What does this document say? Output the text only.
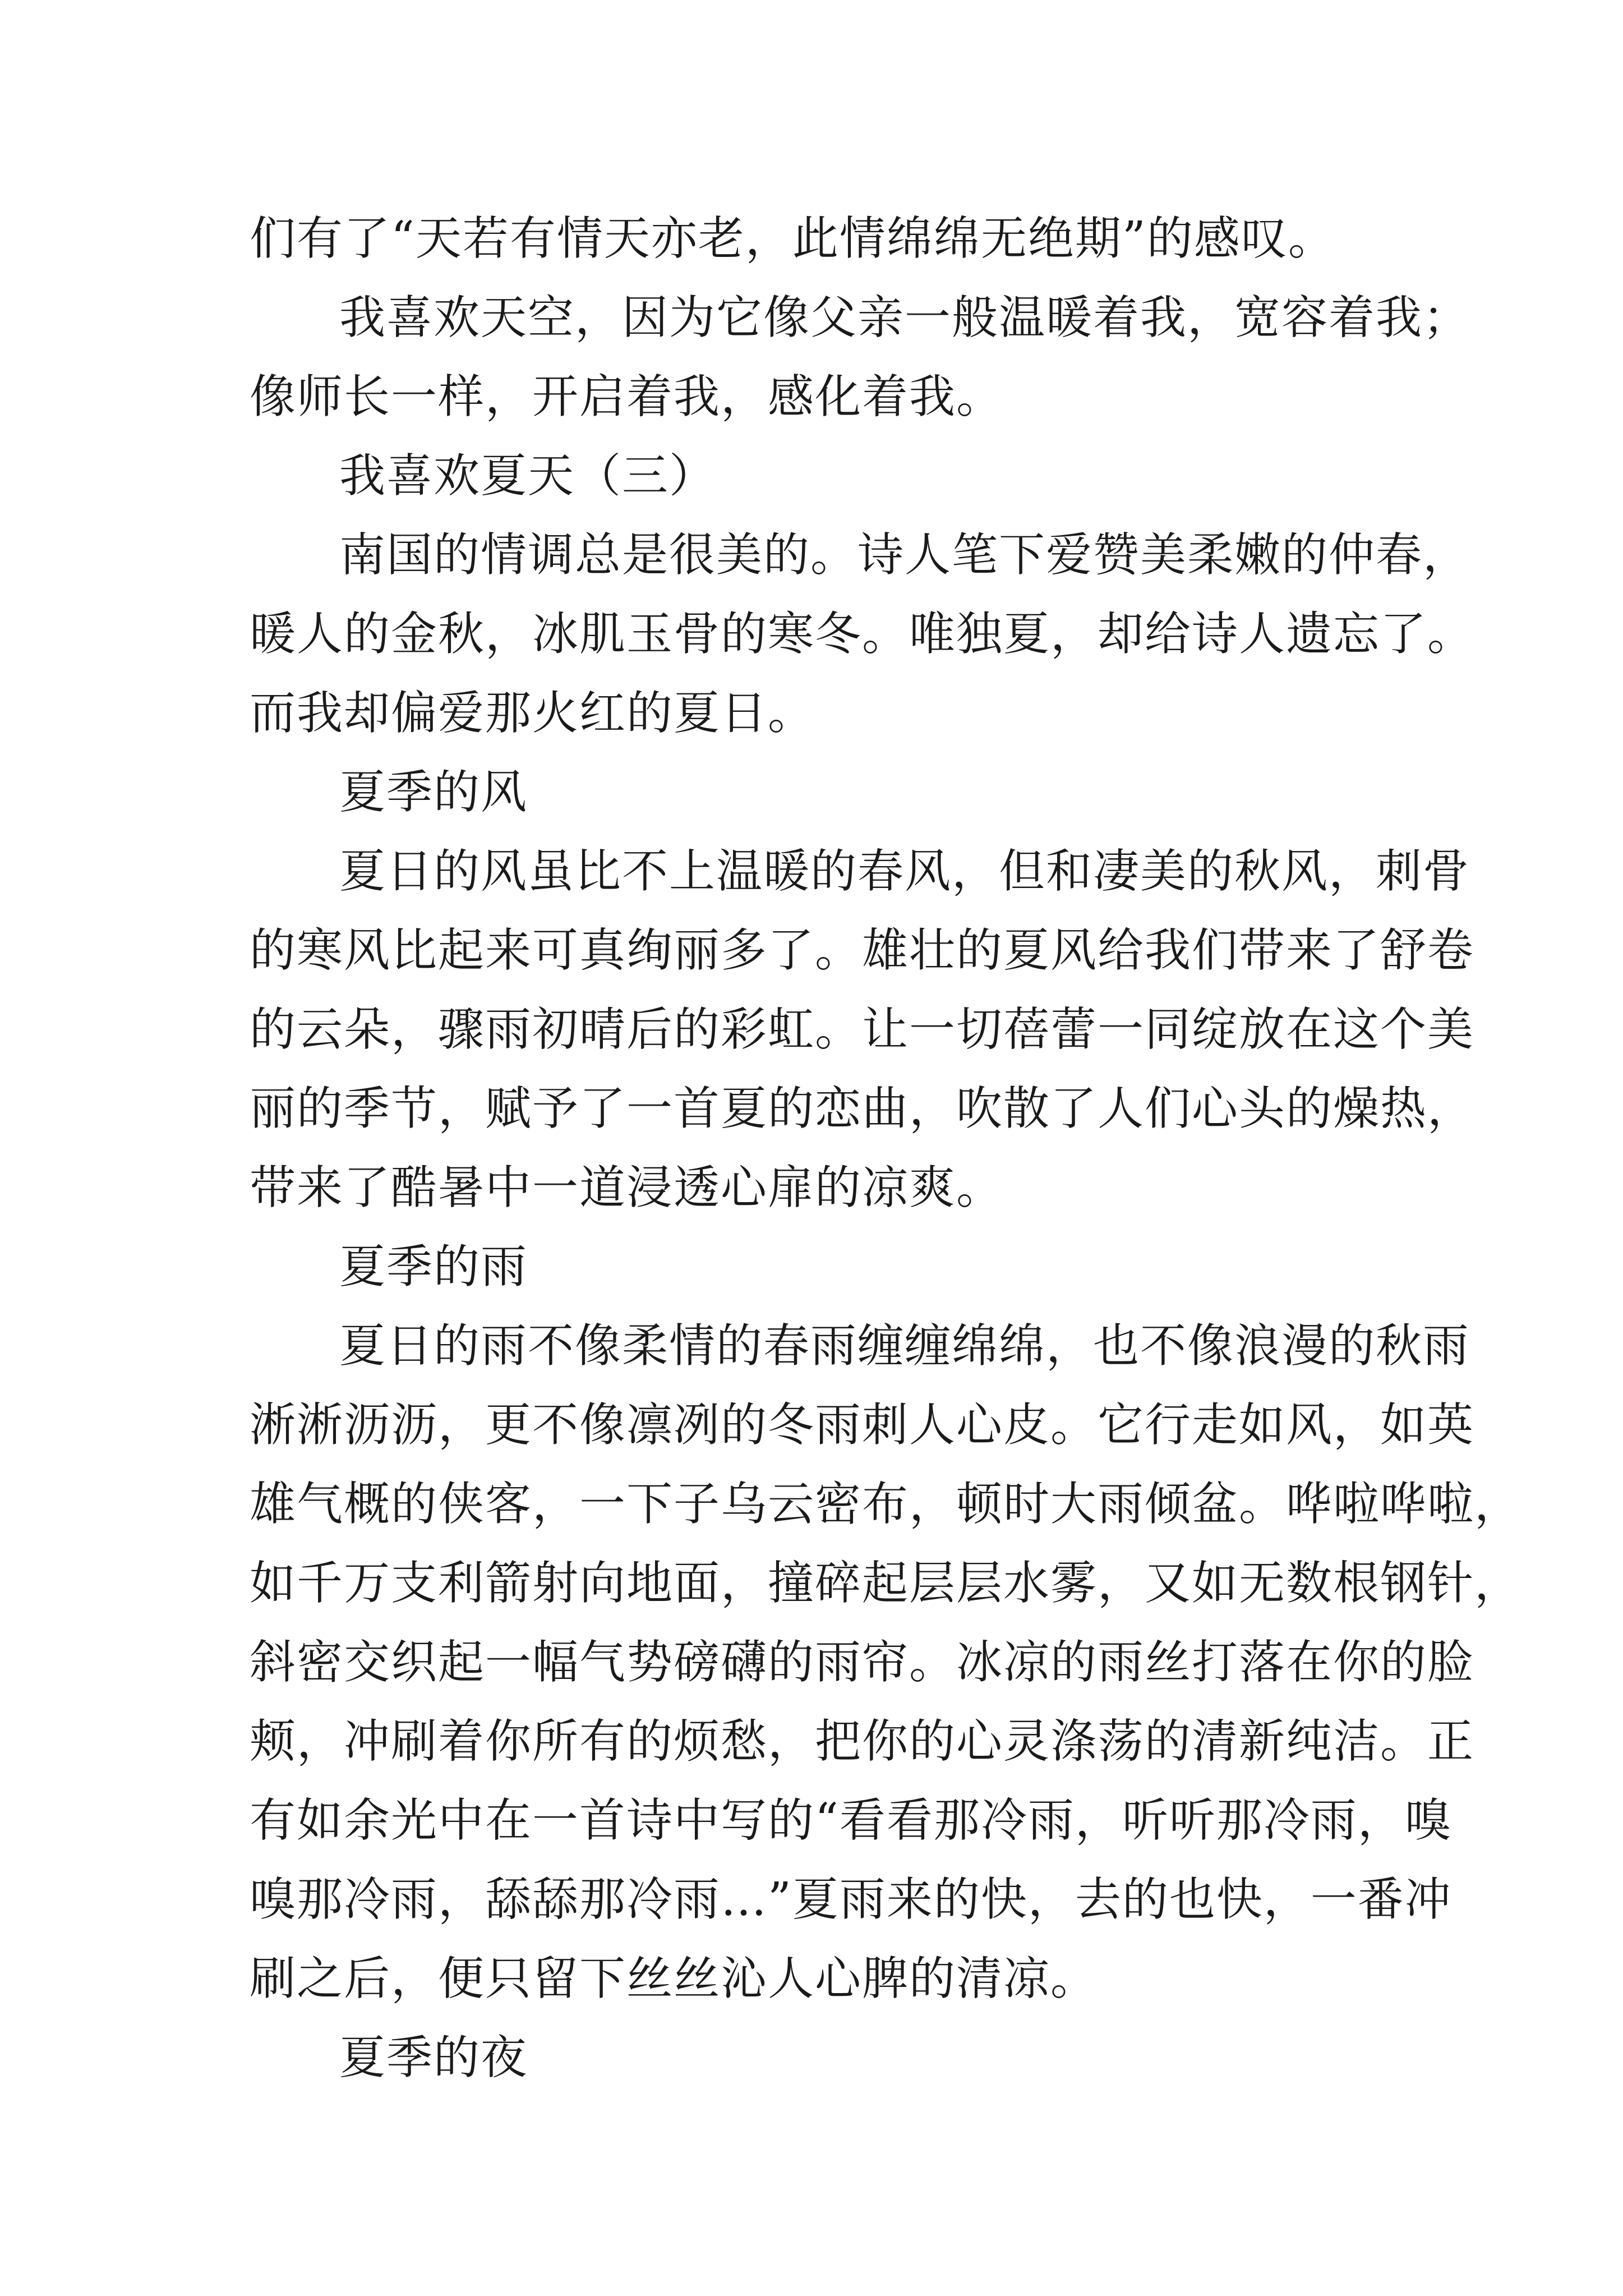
们有了“天若有情天亦老，此情绵绵无绝期”的感叹。
我喜欢天空，因为它像父亲一般温暖着我，宽容着我；
像师长一样，开启着我，感化着我。
我喜欢夏天（三）
南国的情调总是很美的。诗人笔下爱赞美柔嫩的仲春，
暖人的金秋，冰肌玉骨的寒冬。唯独夏，却给诗人遗忘了。
而我却偏爱那火红的夏日。
夏季的风
夏日的风虽比不上温暖的春风，但和凄美的秋风，刺骨
的寒风比起来可真绚丽多了。雄壮的夏风给我们带来了舒卷
的云朵，骤雨初晴后的彩虹。让一切蓓蕾一同绽放在这个美
丽的季节，赋予了一首夏的恋曲，吹散了人们心头的燥热，
带来了酷暑中一道浸透心扉的凉爽。
夏季的雨
夏日的雨不像柔情的春雨缠缠绵绵，也不像浪漫的秋雨
淅淅沥沥，更不像凛冽的冬雨刺人心皮。它行走如风，如英
雄气概的侠客，一下子乌云密布，顿时大雨倾盆。哗啦哗啦，
如千万支利箭射向地面，撞碎起层层水雾，又如无数根钢针，
斜密交织起一幅气势磅礴的雨帘。冰凉的雨丝打落在你的脸
颊，冲刷着你所有的烦愁，把你的心灵涤荡的清新纯洁。正
有如余光中在一首诗中写的“看看那冷雨，听听那冷雨，嗅
嗅那冷雨，舔舔那冷雨…”夏雨来的快，去的也快，一番冲
刷之后，便只留下丝丝沁人心脾的清凉。
夏季的夜
